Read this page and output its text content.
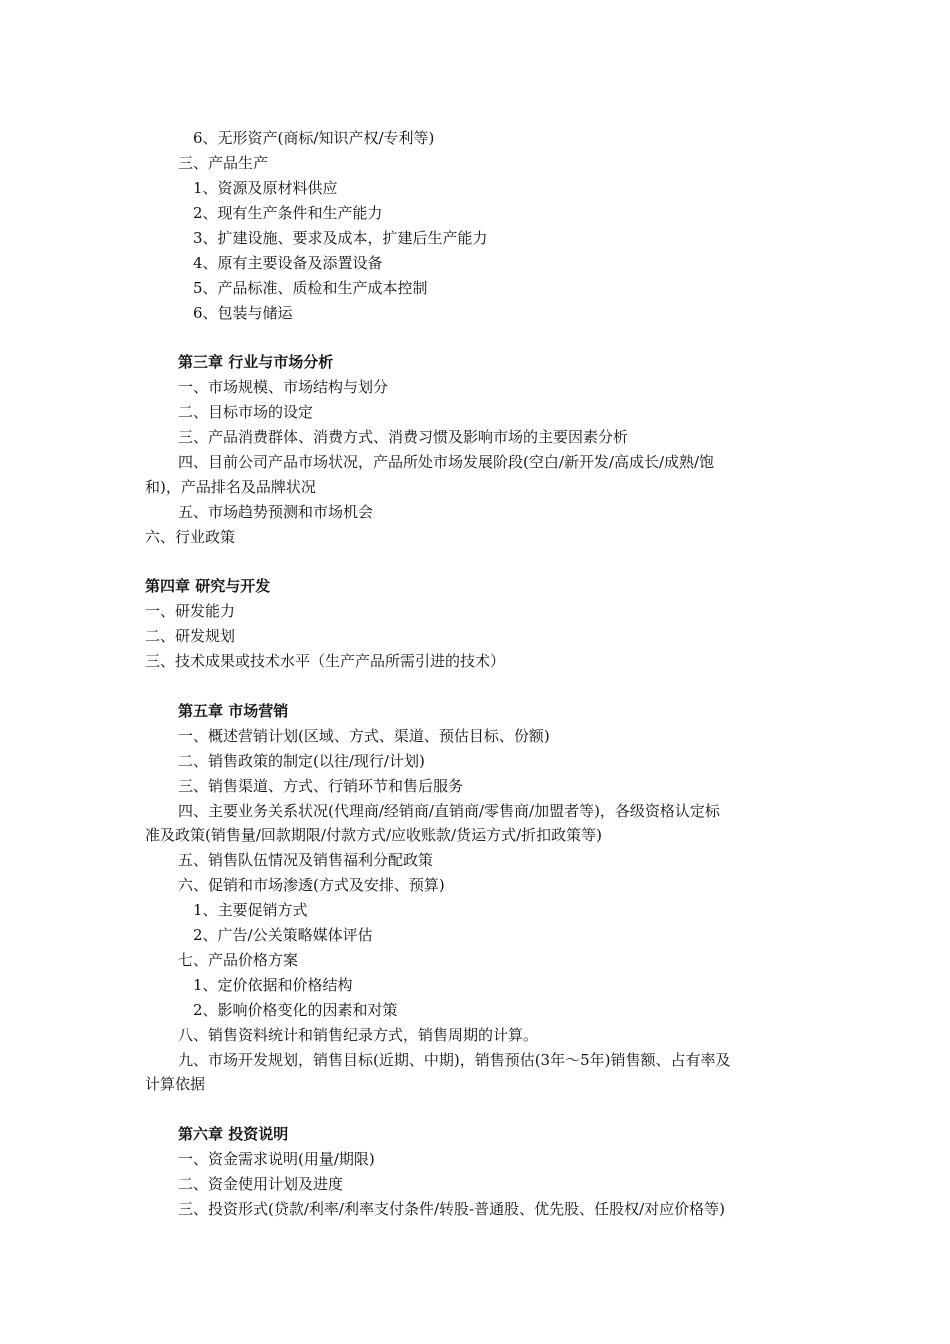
6、无形资产(商标/知识产权/专利等)
三、产品生产
1、资源及原材料供应
2、现有生产条件和生产能力
3、扩建设施、要求及成本，扩建后生产能力
4、原有主要设备及添置设备
5、产品标准、质检和生产成本控制
6、包装与储运
第三章 行业与市场分析
一、市场规模、市场结构与划分
二、目标市场的设定
三、产品消费群体、消费方式、消费习惯及影响市场的主要因素分析
四、目前公司产品市场状况，产品所处市场发展阶段(空白/新开发/高成长/成熟/饱
和)，产品排名及品牌状况
五、市场趋势预测和市场机会
六、行业政策
第四章 研究与开发
一、研发能力
二、研发规划
三、技术成果或技术水平（生产产品所需引进的技术）
第五章 市场营销
一、概述营销计划(区域、方式、渠道、预估目标、份额)
二、销售政策的制定(以往/现行/计划)
三、销售渠道、方式、行销环节和售后服务
四、主要业务关系状况(代理商/经销商/直销商/零售商/加盟者等)，各级资格认定标
准及政策(销售量/回款期限/付款方式/应收账款/货运方式/折扣政策等)
五、销售队伍情况及销售福利分配政策
六、促销和市场渗透(方式及安排、预算)
1、主要促销方式
2、广告/公关策略媒体评估
七、产品价格方案
1、定价依据和价格结构
2、影响价格变化的因素和对策
八、销售资料统计和销售纪录方式，销售周期的计算。
九、市场开发规划，销售目标(近期、中期)，销售预估(3年～5年)销售额、占有率及
计算依据
第六章 投资说明
一、资金需求说明(用量/期限)
二、资金使用计划及进度
三、投资形式(贷款/利率/利率支付条件/转股-普通股、优先股、任股权/对应价格等)
